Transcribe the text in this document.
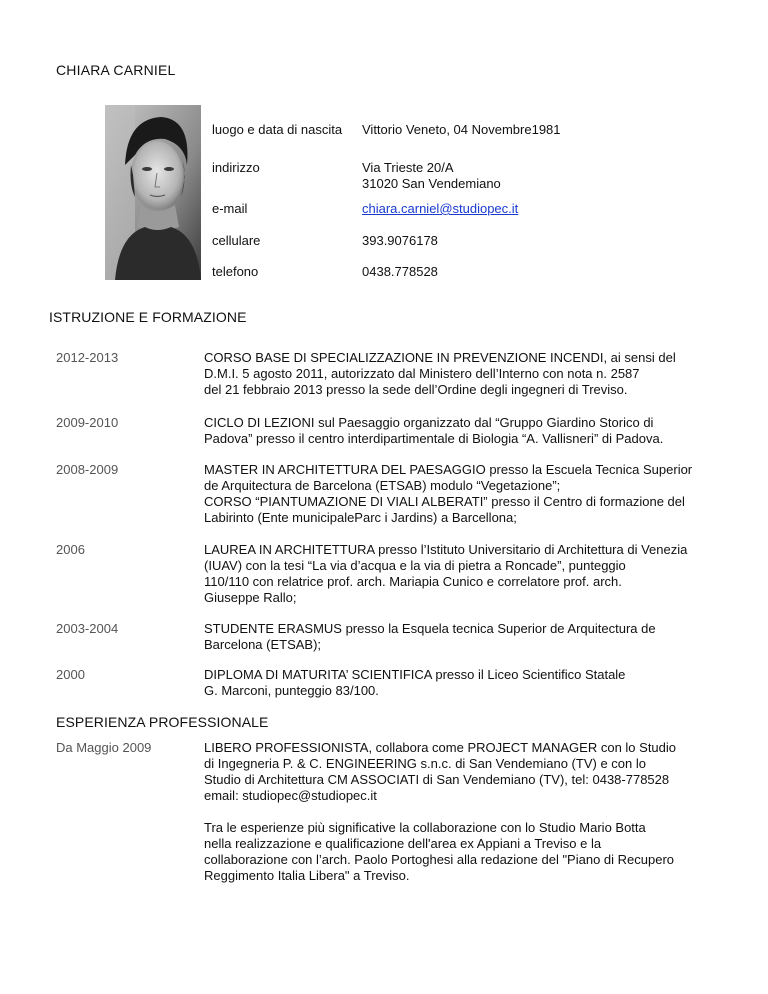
CHIARA CARNIEL
luogo e data di nascita Vittorio Veneto, 04 Novembre1981
indirizzo	Via Trieste 20/A
31020 San Vendemiano
e-mail	chiara.carniel@studiopec.it
cellulare	393.9076178
telefono	0438.778528
ISTRUZIONE E FORMAZIONE
2012-2013	CORSO BASE DI SPECIALIZZAZIONE IN PREVENZIONE INCENDI, ai sensi del

D.M.I. 5 agosto 2011, autorizzato dal Ministero dell’Interno con nota n. 2587

del 21 febbraio 2013 presso la sede dell’Ordine degli ingegneri di Treviso.

2009-2010	CICLO DI LEZIONI sul Paesaggio organizzato dal “Gruppo Giardino Storico di

Padova” presso il centro interdipartimentale di Biologia “A. Vallisneri” di Padova.

2008-2009	MASTER IN ARCHITETTURA DEL PAESAGGIO presso la Escuela Tecnica Superior

de Arquitectura de Barcelona (ETSAB) modulo “Vegetazione”;

CORSO “PIANTUMAZIONE DI VIALI ALBERATI” presso il Centro di formazione del

Labirinto (Ente municipaleParc i Jardins) a Barcellona;

2006	LAUREA IN ARCHITETTURA presso l’Istituto Universitario di Architettura di Venezia

(IUAV) con la tesi “La via d’acqua e la via di pietra a Roncade”, punteggio

110/110 con relatrice prof. arch. Mariapia Cunico e correlatore prof. arch.

Giuseppe Rallo;

2003-2004	STUDENTE ERASMUS presso la Esquela tecnica Superior de Arquitectura de

Barcelona (ETSAB);

2000	DIPLOMA DI MATURITA’ SCIENTIFICA presso il Liceo Scientifico Statale

G. Marconi, punteggio 83/100.

ESPERIENZA PROFESSIONALE
Da Maggio 2009	LIBERO PROFESSIONISTA, collabora come PROJECT MANAGER con lo Studio

di Ingegneria P. & C. ENGINEERING s.n.c. di San Vendemiano (TV) e con lo

Studio di Architettura CM ASSOCIATI di San Vendemiano (TV), tel: 0438-778528

email: studiopec@studiopec.it

Tra le esperienze più significative la collaborazione con lo Studio Mario Botta

nella realizzazione e qualificazione dell'area ex Appiani a Treviso e la

collaborazione con l’arch. Paolo Portoghesi alla redazione del "Piano di Recupero

Reggimento Italia Libera" a Treviso.
